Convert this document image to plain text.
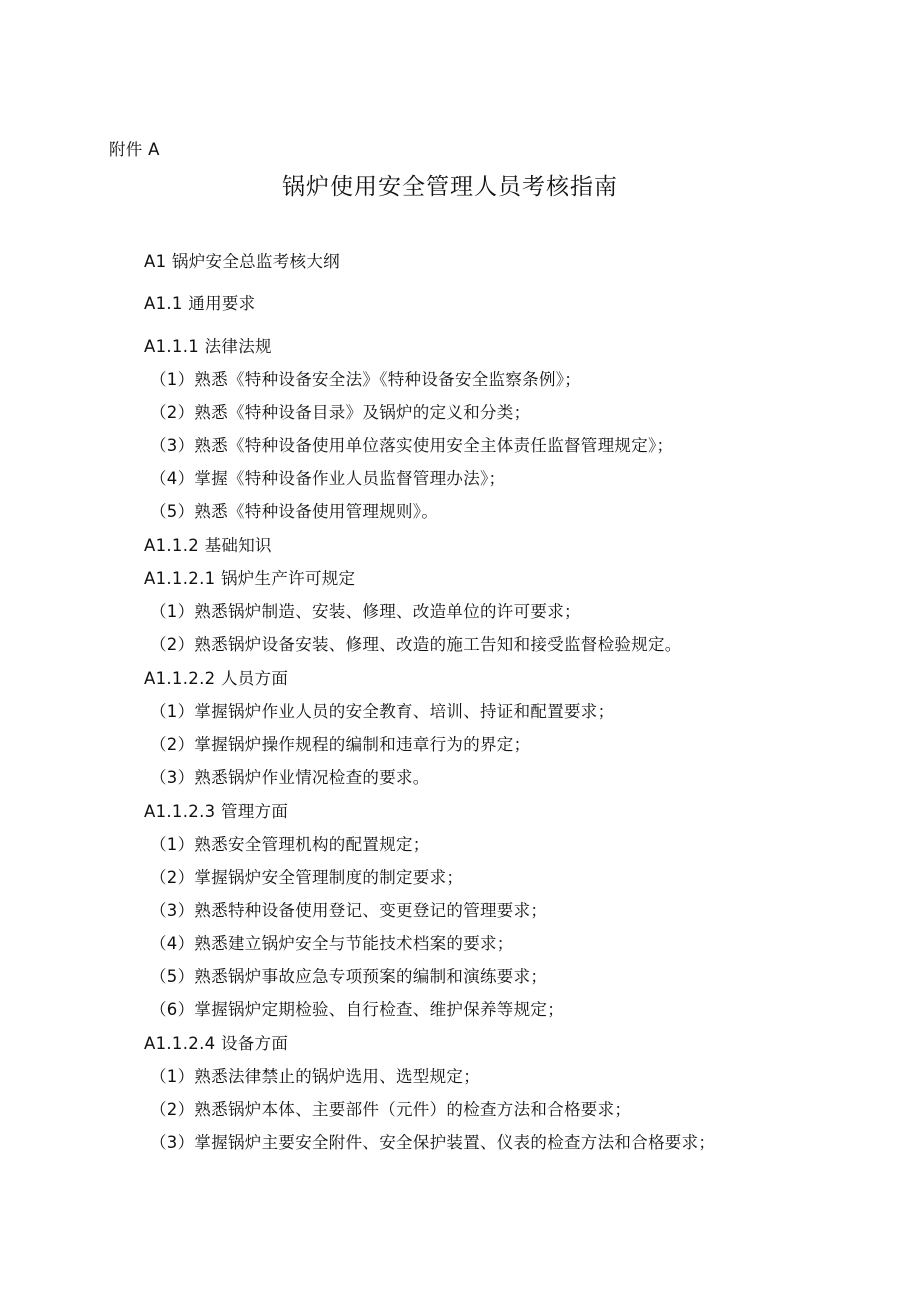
附件 A
锅炉使用安全管理人员考核指南
A1 锅炉安全总监考核大纲
A1.1 通用要求
A1.1.1 法律法规
（1）熟悉《特种设备安全法》《特种设备安全监察条例》；
（2）熟悉《特种设备目录》及锅炉的定义和分类；
（3）熟悉《特种设备使用单位落实使用安全主体责任监督管理规定》；
（4）掌握《特种设备作业人员监督管理办法》；
（5）熟悉《特种设备使用管理规则》。
A1.1.2 基础知识
A1.1.2.1 锅炉生产许可规定
（1）熟悉锅炉制造、安装、修理、改造单位的许可要求；
（2）熟悉锅炉设备安装、修理、改造的施工告知和接受监督检验规定。
A1.1.2.2 人员方面
（1）掌握锅炉作业人员的安全教育、培训、持证和配置要求；
（2）掌握锅炉操作规程的编制和违章行为的界定；
（3）熟悉锅炉作业情况检查的要求。
A1.1.2.3 管理方面
（1）熟悉安全管理机构的配置规定；
（2）掌握锅炉安全管理制度的制定要求；
（3）熟悉特种设备使用登记、变更登记的管理要求；
（4）熟悉建立锅炉安全与节能技术档案的要求；
（5）熟悉锅炉事故应急专项预案的编制和演练要求；
（6）掌握锅炉定期检验、自行检查、维护保养等规定；
A1.1.2.4 设备方面
（1）熟悉法律禁止的锅炉选用、选型规定；
（2）熟悉锅炉本体、主要部件（元件）的检查方法和合格要求；
（3）掌握锅炉主要安全附件、安全保护装置、仪表的检查方法和合格要求；
